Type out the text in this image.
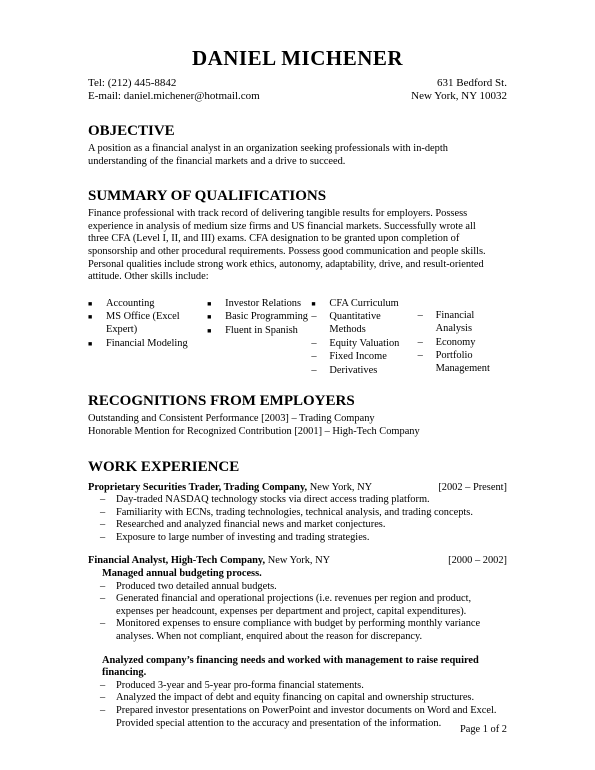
DANIEL MICHENER
Tel: (212) 445-8842
E-mail: daniel.michener@hotmail.com
631 Bedford St.
New York, NY 10032
OBJECTIVE
A position as a financial analyst in an organization seeking professionals with in-depth
understanding of the financial markets and a drive to succeed.
SUMMARY OF QUALIFICATIONS
Finance professional with track record of delivering tangible results for employers. Possess
experience in analysis of medium size firms and US financial markets. Successfully wrote all
three CFA (Level I, II, and III) exams. CFA designation to be granted upon completion of
sponsorship and other procedural requirements. Possess good communication and people skills.
Personal qualities include strong work ethics, autonomy, adaptability, drive, and result-oriented
attitude. Other skills include:
■ Accounting
■ MS Office (Excel Expert)
■ Financial Modeling
■ Investor Relations
■ Basic Programming
■ Fluent in Spanish
■ CFA Curriculum
– Quantitative Methods
– Equity Valuation
– Fixed Income
– Derivatives
– Financial Analysis
– Economy
– Portfolio Management
RECOGNITIONS FROM EMPLOYERS
Outstanding and Consistent Performance [2003] – Trading Company
Honorable Mention for Recognized Contribution [2001] – High-Tech Company
WORK EXPERIENCE
Proprietary Securities Trader, Trading Company, New York, NY	[2002 – Present]
– Day-traded NASDAQ technology stocks via direct access trading platform.
– Familiarity with ECNs, trading technologies, technical analysis, and trading concepts.
– Researched and analyzed financial news and market conjectures.
– Exposure to large number of investing and trading strategies.
Financial Analyst, High-Tech Company, New York, NY	[2000 – 2002]
Managed annual budgeting process.
– Produced two detailed annual budgets.
– Generated financial and operational projections (i.e. revenues per region and product, expenses per headcount, expenses per department and project, capital expenditures).
– Monitored expenses to ensure compliance with budget by performing monthly variance analyses. When not compliant, enquired about the reason for discrepancy.
Analyzed company’s financing needs and worked with management to raise required financing.
– Produced 3-year and 5-year pro-forma financial statements.
– Analyzed the impact of debt and equity financing on capital and ownership structures.
– Prepared investor presentations on PowerPoint and investor documents on Word and Excel. Provided special attention to the accuracy and presentation of the information.
Page 1 of 2
